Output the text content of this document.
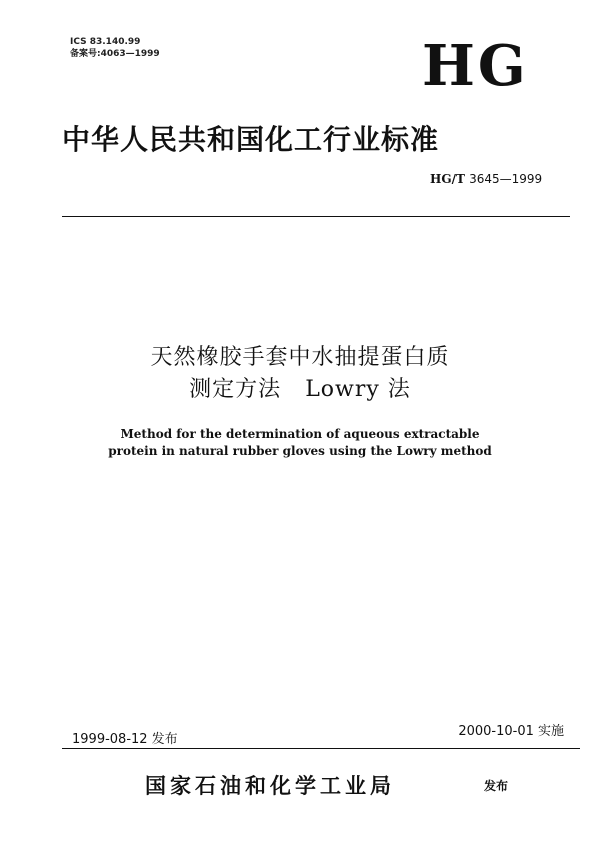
ICS 83.140.99
备案号:4063—1999	HG
中华人民共和国化工行业标准
HG/T 3645—1999
天然橡胶手套中水抽提蛋白质
测定方法 Lowry 法
Method for the determination of aqueous extractable
protein in natural rubber gloves using the Lowry method
1999-08-12 发布
2000-10-01 实施
国家石油和化学工业局	发布
